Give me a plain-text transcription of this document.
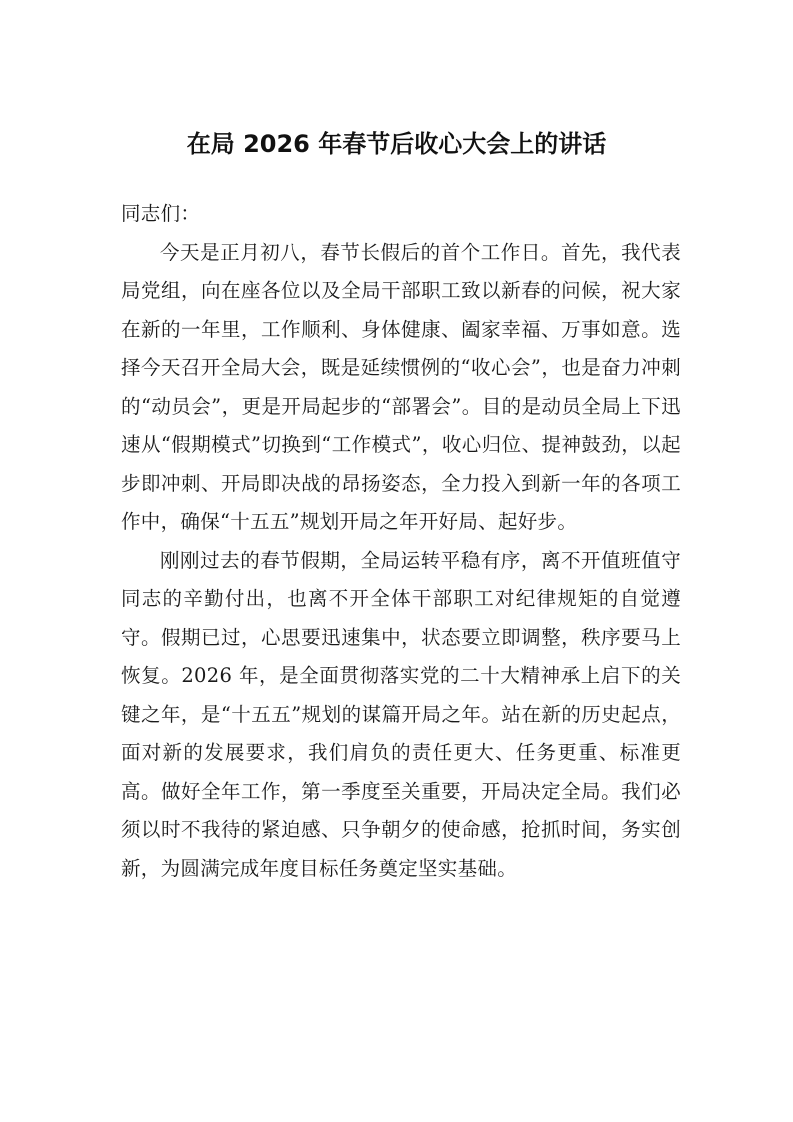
在局 2026 年春节后收心大会上的讲话

同志们：

今天是正月初八，春节长假后的首个工作日。首先，我代表局党组，向在座各位以及全局干部职工致以新春的问候，祝大家在新的一年里，工作顺利、身体健康、阖家幸福、万事如意。选择今天召开全局大会，既是延续惯例的“收心会”，也是奋力冲刺的“动员会”，更是开局起步的“部署会”。目的是动员全局上下迅速从“假期模式”切换到“工作模式”，收心归位、提神鼓劲，以起步即冲刺、开局即决战的昂扬姿态，全力投入到新一年的各项工作中，确保“十五五”规划开局之年开好局、起好步。

刚刚过去的春节假期，全局运转平稳有序，离不开值班值守同志的辛勤付出，也离不开全体干部职工对纪律规矩的自觉遵守。假期已过，心思要迅速集中，状态要立即调整，秩序要马上恢复。2026 年，是全面贯彻落实党的二十大精神承上启下的关键之年，是“十五五”规划的谋篇开局之年。站在新的历史起点，面对新的发展要求，我们肩负的责任更大、任务更重、标准更高。做好全年工作，第一季度至关重要，开局决定全局。我们必须以时不我待的紧迫感、只争朝夕的使命感，抢抓时间，务实创新，为圆满完成年度目标任务奠定坚实基础。
